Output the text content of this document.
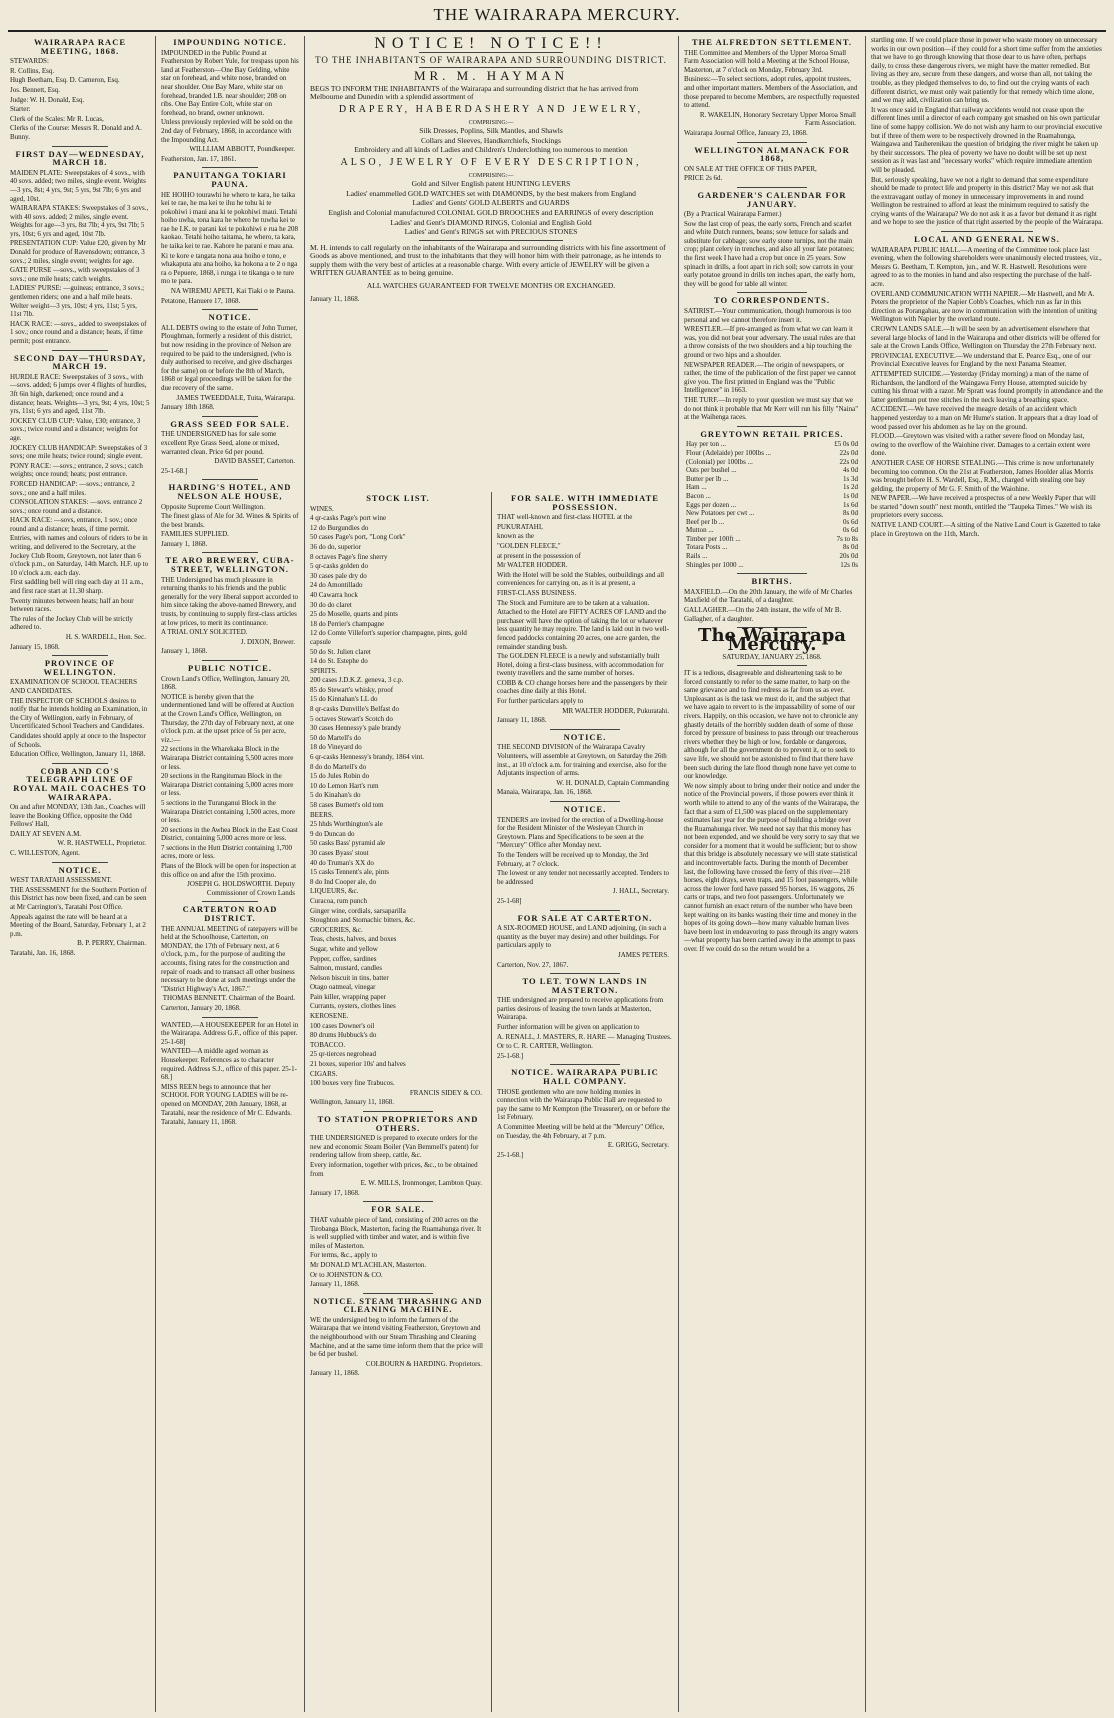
THE WAIRARAPA MERCURY.
WAIRARAPA RACE MEETING, 1868.
STEWARDS:
R. Collins, Esq.
Hugh Beetham, Esq. D. Cameron, Esq.
Jos. Bennett, Esq.
Judge: W. H. Donald, Esq.
Starter:
Clerk of the Scales: Mr R. Lucas,
Clerks of the Course: Messrs R. Donald and A. Bunny.
FIRST DAY—WEDNESDAY, MARCH 18.
MAIDEN PLATE: Sweepstakes of 4 sovs., with 40 sovs. added; two miles, single event. Weights—3 yrs, 8st; 4 yrs, 9st; 5 yrs, 9st 7lb; 6 yrs and aged, 10st.
WAIRARAPA STAKES: Sweepstakes of 3 sovs., with 40 sovs. added; 2 miles, single event. Weights for age—3 yrs, 8st 7lb; 4 yrs, 9st 7lb; 5 yrs, 10st; 6 yrs and aged, 10st 7lb.
PRESENTATION CUP: Value £20, given by Mr Donald for produce of Ravensdown; entrance, 3 sovs.; 2 miles, single event; weights for age.
GATE PURSE —sovs., with sweepstakes of 3 sovs.; one mile heats; catch weights.
LADIES' PURSE: —guineas; entrance, 3 sovs.; gentlemen riders; one and a half mile heats. Welter weight—3 yrs, 10st; 4 yrs, 11st; 5 yrs, 11st 7lb.
HACK RACE: —sovs., added to sweepstakes of 1 sov.; once round and a distance; heats, if time permit; post entrance.
SECOND DAY—THURSDAY, MARCH 19.
HURDLE RACE: Sweepstakes of 3 sovs., with —sovs. added; 6 jumps over 4 flights of hurdles, 3ft 6in high, darkened; once round and a distance; heats. Weights—3 yrs, 9st; 4 yrs, 10st; 5 yrs, 11st; 6 yrs and aged, 11st 7lb.
JOCKEY CLUB CUP: Value, £30; entrance, 3 sovs.; twice round and a distance; weights for age.
JOCKEY CLUB HANDICAP: Sweepstakes of 3 sovs; one mile heats; twice round; single event.
PONY RACE: —sovs.; entrance, 2 sovs.; catch weights; once round; heats; post entrance.
FORCED HANDICAP: —sovs.; entrance, 2 sovs.; one and a half miles.
CONSOLATION STAKES: —sovs. entrance 2 sovs.; once round and a distance.
HACK RACE: —sovs, entrance, 1 sov.; once round and a distance; heats, if time permit.
Entries, with names and colours of riders to be in writing, and delivered to the Secretary, at the Jockey Club Room, Greytown, not later than 6 o'clock p.m., on Saturday, 14th March. H.F. up to 10 o'clock a.m. each day.
First saddling bell will ring each day at 11 a.m., and first race start at 11.30 sharp.
Twenty minutes between heats; half an hour between races.
The rules of the Jockey Club will be strictly adhered to.
H. S. WARDELL, Hon. Sec.
January 15, 1868.
PROVINCE OF WELLINGTON.
EXAMINATION OF SCHOOL TEACHERS AND CANDIDATES.
THE INSPECTOR OF SCHOOLS desires to notify that he intends holding an Examination, in the City of Wellington, early in February, of Uncertificated School Teachers and Candidates.
Candidates should apply at once to the Inspector of Schools.
Education Office, Wellington, January 11, 1868.
COBB AND CO'S TELEGRAPH LINE OF ROYAL MAIL COACHES TO WAIRARAPA.
On and after MONDAY, 13th Jan., Coaches will leave the Booking Office, opposite the Odd Fellows' Hall,
DAILY AT SEVEN A.M.
W. R. HASTWELL, Proprietor.
C. WILLESTON, Agent.
NOTICE.
WEST TARATAHI ASSESSMENT.
THE ASSESSMENT for the Southern Portion of this District has now been fixed, and can be seen at Mr Carrington's, Taratahi Post Office.
Appeals against the rate will be heard at a Meeting of the Board, Saturday, February 1, at 2 p.m.
B. P. PERRY, Chairman.
Taratahi, Jan. 16, 1868.
IMPOUNDING NOTICE.
IMPOUNDED in the Public Pound at Featherston by Robert Yule, for trespass upon his land at Featherston—One Bay Gelding, white star on forehead, and white nose, branded on near shoulder. One Bay Mare, white star on forehead, branded I.B. near shoulder; 208 on ribs. One Bay Entire Colt, white star on forehead, no brand, owner unknown.
Unless previously replevied will be sold on the 2nd day of February, 1868, in accordance with the Impounding Act.
WILLLIAM ABBOTT, Poundkeeper.
Featherston, Jan. 17, 1861.
PANUITANGA TOKIARI PAUNA.
HE HOIHO tourawhi he whero te kara, he taika kei te rae, he ma kei te ihu he tohu ki te pokohiwi i maui ana ki te pokohiwi maui. Tetahi hoiho uwha, tona kara he whero he tuwha kei te rae he I.K. te parani kei te pokohiwi e rua he 208 kaokao. Tetahi hoiho taitama, he whero, ta kara, he taika kei te rae. Kahore he parani e mau ana.
Ki te kore e tangata nona aua hoiho e tono, e whakaputa atu ana hoiho, ka hokona a te 2 o nga ra o Pepuere, 1868, i runga i te tikanga o te ture mo te para.
NA WIREMU APETI, Kai Tiaki o te Pauna.
Petatone, Hanuere 17, 1868.
NOTICE.
ALL DEBTS owing to the estate of John Turner, Ploughman, formerly a resident of this district, but now residing in the province of Nelson are required to be paid to the undersigned, (who is duly authorised to receive, and give discharges for the same) on or before the 8th of March, 1868 or legal proceedings will be taken for the due recovery of the same.
JAMES TWEEDDALE, Tuita, Wairarapa.
January 18th 1868.
GRASS SEED FOR SALE.
THE UNDERSIGNED has for sale some excellent Rye Grass Seed, alone or mixed, warranted clean. Price 6d per pound.
DAVID BASSET, Carterton.
25-1-68.]
HARDING'S HOTEL, AND NELSON ALE HOUSE,
Opposite Supreme Court Wellington.
The finest glass of Ale for 3d. Wines & Spirits of the best brands.
FAMILIES SUPPLIED.
January 1, 1868.
TE ARO BREWERY, CUBA-STREET, WELLINGTON.
THE Undersigned has much pleasure in returning thanks to his friends and the public generally for the very liberal support accorded to him since taking the above-named Brewery, and trusts, by continuing to supply first-class articles at low prices, to merit its continuance.
A TRIAL ONLY SOLICITED.
J. DIXON, Brewer.
January 1, 1868.
PUBLIC NOTICE.
Crown Land's Office, Wellington, January 20, 1868.
NOTICE is hereby given that the undermentioned land will be offered at Auction at the Crown Land's Office, Wellington, on Thursday, the 27th day of February next, at one o'clock p.m. at the upset price of 5s per acre, viz.:—
22 sections in the Wharekaka Block in the Wairarapa District containing 5,500 acres more or less.
20 sections in the Rangitumau Block in the Wairarapa District containing 5,000 acres more or less.
5 sections in the Turanganui Block in the Wairarapa District containing 1,500 acres, more or less.
20 sections in the Awhea Block in the East Coast District, containing 5,000 acres more or less.
7 sections in the Hutt District containing 1,700 acres, more or less.
Plans of the Block will be open for inspection at this office on and after the 15th proximo.
JOSEPH G. HOLDSWORTH. Deputy Commissioner of Crown Lands
CARTERTON ROAD DISTRICT.
THE ANNUAL MEETING of ratepayers will be held at the Schoolhouse, Carterton, on MONDAY, the 17th of February next, at 6 o'clock, p.m., for the purpose of auditing the accounts, fixing rates for the construction and repair of roads and to transact all other business necessary to be done at such meetings under the "District Highway's Act, 1867."
THOMAS BENNETT. Chairman of the Board.
Carterton, January 20, 1868.
WANTED,—A HOUSEKEEPER for an Hotel in the Wairarapa. Address G.F., office of this paper. 25-1-68]
WANTED—A middle aged woman as Housekeeper. References as to character required. Address S.J., office of this paper. 25-1-68.]
MISS REEN begs to announce that her SCHOOL FOR YOUNG LADIES will be re-opened on MONDAY, 20th January, 1868, at Taratahi, near the residence of Mr C. Edwards.
Taratahi, January 11, 1868.
NOTICE! NOTICE!!
TO THE INHABITANTS OF WAIRARAPA AND SURROUNDING DISTRICT.
MR. M. HAYMAN
BEGS TO INFORM THE INHABITANTS of the Wairarapa and surrounding district that he has arrived from Melbourne and Dunedin with a splendid assortment of
DRAPERY, HABERDASHERY AND JEWELRY,
COMPRISING:—
Silk Dresses, Poplins, Silk Mantles, and Shawls
Collars and Sleeves, Handkerchiefs, Stockings
Embroidery and all kinds of Ladies and Children's Underclothing too numerous to mention
ALSO, JEWELRY OF EVERY DESCRIPTION,
COMPRISING:—
Gold and Silver English patent HUNTING LEVERS
Ladies' enammelled GOLD WATCHES set with DIAMONDS, by the best makers from England
Ladies' and Gents' GOLD ALBERTS and GUARDS
English and Colonial manufactured COLONIAL GOLD BROOCHES and EARRINGS of every description
Ladies' and Gent's DIAMOND RINGS, Colonial and English Gold
Ladies' and Gent's RINGS set with PRECIOUS STONES
M. H. intends to call regularly on the inhabitants of the Wairarapa and surrounding districts with his fine assortment of Goods as above mentioned, and trust to the inhabitants that they will honor him with their patronage, as he intends to supply them with the very best of articles at a reasonable charge. With every article of JEWELRY will be given a WRITTEN GUARANTEE as to being genuine.
ALL WATCHES GUARANTEED FOR TWELVE MONTHS OR EXCHANGED.
January 11, 1868.
STOCK LIST.
WINES.
4 qr-casks Page's port wine
12 do Burgundies do
50 cases Page's port, "Long Cork"
36 do do, superior
8 octaves Page's fine sherry
5 qr-casks golden do
30 cases pale dry do
24 do Amontillado
40 Cawarra hock
30 do do claret
25 do Moselle, quarts and pints
18 do Perrier's champagne
12 do Comte Villefort's superior champagne, pints, gold capsule
50 do St. Julien claret
14 do St. Estephe do
SPIRITS.
200 cases J.D.K.Z. geneva, 3 c.p.
85 do Stewart's whisky, proof
15 do Kinnahan's LL do
8 qr-casks Dunville's Belfast do
5 octaves Stewart's Scotch do
30 cases Hennessy's pale brandy
50 do Martell's do
18 do Vineyard do
6 qr-casks Hennessy's brandy, 1864 vint.
8 do do Martell's do
15 do Jules Robin do
10 do Lemon Hart's rum
5 do Kinahan's do
58 cases Burnett's old tom
BEERS.
25 hhds Worthington's ale
9 do Duncan do
50 casks Bass' pyramid ale
30 cases Byass' stout
40 do Truman's XX do
15 casks Tennent's ale, pints
8 do Ind Cooper ale, do
LIQUEURS, &c.
Curacoa, rum punch
Ginger wine, cordials, sarsaparilla
Stoughton and Stomachic bitters, &c.
GROCERIES, &c.
Teas, chests, halves, and boxes
Sugar, white and yellow
Pepper, coffee, sardines
Salmon, mustard, candles
Nelson biscuit in tins, batter
Otago oatmeal, vinegar
Pain killer, wrapping paper
Currants, oysters, clothes lines
KEROSENE.
100 cases Downer's oil
80 drums Hubbuck's do
TOBACCO.
25 qr-tierces negrohead
21 boxes, superior 10s' and halves
CIGARS.
100 boxes very fine Trabucos.
FRANCIS SIDEY & CO.
Wellington, January 11, 1868.
TO STATION PROPRIETORS AND OTHERS.
THE UNDERSIGNED is prepared to execute orders for the new and economic Steam Boiler (Van Bemmell's patent) for rendering tallow from sheep, cattle, &c.
Every information, together with prices, &c., to be obtained from
E. W. MILLS, Ironmonger, Lambton Quay.
January 17, 1868.
FOR SALE.
THAT valuable piece of land, consisting of 200 acres on the Tirobanga Block, Masterton, facing the Ruamahunga river. It is well supplied with timber and water, and is within five miles of Masterton.
For terms, &c., apply to
Mr DONALD M'LACHLAN, Masterton.
Or to JOHNSTON & CO.
January 11, 1868.
NOTICE. STEAM THRASHING AND CLEANING MACHINE.
WE the undersigned beg to inform the farmers of the Wairarapa that we intend visiting Featherston, Greytown and the neighbourhood with our Steam Thrashing and Cleaning Machine, and at the same time inform them that the price will be 6d per bushel.
COLBOURN & HARDING. Proprietors.
January 11, 1868.
FOR SALE. WITH IMMEDIATE POSSESSION.
THAT well-known and first-class HOTEL at the
PUKURATAHI,
known as the
"GOLDEN FLEECE,"
at present in the possession of
Mr WALTER HODDER.
With the Hotel will be sold the Stables, outbuildings and all conveniences for carrying on, as it is at present, a
FIRST-CLASS BUSINESS.
The Stock and Furniture are to be taken at a valuation.
Attached to the Hotel are FIFTY ACRES OF LAND and the purchaser will have the option of taking the lot or whatever less quantity he may require. The land is laid out in two well-fenced paddocks containing 20 acres, one acre garden, the remainder standing bush.
The GOLDEN FLEECE is a newly and substantially built Hotel, doing a first-class business, with accommodation for twenty travellers and the same number of horses.
COBB & CO change horses here and the passengers by their coaches dine daily at this Hotel.
For further particulars apply to
MR WALTER HODDER, Pukuratahi.
January 11, 1868.
NOTICE.
THE SECOND DIVISION of the Wairarapa Cavalry Volunteers, will assemble at Greytown, on Saturday the 26th inst., at 10 o'clock a.m. for training and exercise, also for the Adjutants inspection of arms.
W. H. DONALD, Captain Commanding
Manaia, Wairarapa, Jan. 16, 1868.
NOTICE.
TENDERS are invited for the erection of a Dwelling-house for the Resident Minister of the Wesleyan Church in Greytown. Plans and Specifications to be seen at the "Mercury" Office after Monday next.
To the Tenders will be received up to Monday, the 3rd February, at 7 o'clock.
The lowest or any tender not necessarily accepted. Tenders to be addressed
J. HALL, Secretary.
25-1-68]
FOR SALE AT CARTERTON.
A SIX-ROOMED HOUSE, and LAND adjoining, (in such a quantity as the buyer may desire) and other buildings. For particulars apply to
JAMES PETERS.
Carterton, Nov. 27, 1867.
TO LET. TOWN LANDS IN MASTERTON.
THE undersigned are prepared to receive applications from parties desirous of leasing the town lands at Masterton, Wairarapa.
Further information will be given on application to
A. RENALL, J. MASTERS, R. HARE — Managing Trustees.
Or to C. R. CARTER, Wellington.
25-1-68.]
NOTICE. WAIRARAPA PUBLIC HALL COMPANY.
THOSE gentlemen who are now holding monies in connection with the Wairarapa Public Hall are requested to pay the same to Mr Kempton (the Treasurer), on or before the 1st February.
A Committee Meeting will be held at the "Mercury" Office, on Tuesday, the 4th February, at 7 p.m.
E. GRIGG, Secretary.
25-1-68.]
THE ALFREDTON SETTLEMENT.
THE Committee and Members of the Upper Moroa Small Farm Association will hold a Meeting at the School House, Masterton, at 7 o'clock on Monday, February 3rd.
Business:—To select sections, adopt rules, appoint trustees, and other important matters. Members of the Association, and those prepared to become Members, are respectfully requested to attend.
R. WAKELIN, Honorary Secretary Upper Moroa Small Farm Association.
Wairarapa Journal Office, January 23, 1868.
WELLINGTON ALMANACK FOR 1868,
ON SALE AT THE OFFICE OF THIS PAPER,
PRICE 2s 6d.
GARDENER'S CALENDAR FOR JANUARY.
(By a Practical Wairarapa Farmer.)
Sow the last crop of peas, the early sorts, French and scarlet and white Dutch runners, beans; sow lettuce for salads and substitute for cabbage; sow early stone turnips, not the main crop; plant celery in trenches, and also all your late potatoes; the first week I have had a crop but once in 25 years. Sow spinach in drills, a foot apart in rich soil; sow carrots in your early potatoe ground in drills ten inches apart, the early horn, they will be good for table all winter.
TO CORRESPONDENTS.
SATIRIST.—Your communication, though humorous is too personal and we cannot therefore insert it.
WRESTLER.—If pre-arranged as from what we can learn it was, you did not beat your adversary. The usual rules are that a throw consists of the two shoulders and a hip touching the ground or two hips and a shoulder.
NEWSPAPER READER.—The origin of newspapers, or rather, the time of the publication of the first paper we cannot give you. The first printed in England was the "Public Intelligencer" in 1663.
THE TURF.—In reply to your question we must say that we do not think it probable that Mr Kerr will run his filly "Naina" at the Waihenga races.
GREYTOWN RETAIL PRICES.
Hay per ton ...	£5 0s 0d
Flour (Adelaide) per 100lbs ...	22s 0d
(Colonial) per 100lbs ...	22s 0d
Oats per bushel ...	4s 0d
Butter per lb ...	1s 3d
Ham ...	1s 2d
Bacon ...	1s 0d
Eggs per dozen ...	1s 6d
New Potatoes per cwt ...	8s 0d
Beef per lb ...	0s 6d
Mutton ...	0s 6d
Timber per 100ft ...	7s to 8s
Totara Posts ...	8s 0d
Rails ...	20s 0d
Shingles per 1000 ...	12s 0s
BIRTHS.
MAXFIELD.—On the 20th January, the wife of Mr Charles Maxfield of the Taratahi, of a daughter.
GALLAGHER.—On the 24th instant, the wife of Mr B. Gallagher, of a daughter.
The Wairarapa Mercury.
SATURDAY, JANUARY 25, 1868.
IT is a tedious, disagreeable and disheartening task to be forced constantly to refer to the same matter, to harp on the same grievance and to find redress as far from us as ever. Unpleasant as is the task we must do it, and the subject that we have again to revert to is the impassability of some of our rivers. Happily, on this occasion, we have not to chronicle any ghastly details of the horribly sudden death of some of those forced by pressure of business to pass through our treacherous rivers whether they be high or low, fordable or dangerous, although for all the government do to prevent it, or to seek to save life, we should not be astonished to find that there have been such during the late flood though none have yet come to our knowledge.
We now simply about to bring under their notice and under the notice of the Provincial powers, if those powers ever think it worth while to attend to any of the wants of the Wairarapa, the fact that a sum of £1,500 was placed on the supplementary estimates last year for the purpose of building a bridge over the Ruamahunga river. We need not say that this money has not been expended, and we should be very sorry to say that we consider for a moment that it would be sufficient; but to show that this bridge is absolutely necessary we will state statistical and incontrovertable facts. During the month of December last, the following have crossed the ferry of this river—218 horses, eight drays, seven traps, and 15 foot passengers, while across the lower ford have passed 95 horses, 16 waggons, 26 carts or traps, and two foot passengers. Unfortunately we cannot furnish an exact return of the number who have been kept waiting on its banks wasting their time and money in the hopes of its going down—how many valuable human lives have been lost in endeavoring to pass through its angry waters—what property has been carried away in the attempt to pass over. If we could do so the return would be a
startling one. If we could place those in power who waste money on unnecessary works in our own position—if they could for a short time suffer from the anxieties that we have to go through knowing that those dear to us have often, perhaps daily, to cross these dangerous rivers, we might have the matter remedied. But living as they are, secure from these dangers, and worse than all, not taking the trouble, as they pledged themselves to do, to find out the crying wants of each different district, we must only wait patiently for that remedy which time alone, and we may add, civilization can bring us.
It was once said in England that railway accidents would not cease upon the different lines until a director of each company got smashed on his own particular line of some happy collision. We do not wish any harm to our provincial executive but if three of them were to be respectively drowned in the Ruamahunga, Waingawa and Tauherenikau the question of bridging the river might be taken up by their successors. The plea of poverty we have no doubt will be set up next session as it was last and "necessary works" which require immediate attention will be pleaded.
But, seriously speaking, have we not a right to demand that some expenditure should be made to protect life and property in this district? May we not ask that the extravagant outlay of money in unnecessary improvements in and round Wellington be restrained to afford at least the minimum required to satisfy the crying wants of the Wairarapa? We do not ask it as a favor but demand it as right and we hope to see the justice of that right asserted by the people of the Wairarapa.
LOCAL AND GENERAL NEWS.
WAIRARAPA PUBLIC HALL.—A meeting of the Committee took place last evening, when the following shareholders were unanimously elected trustees, viz., Messrs G. Beetham, T. Kempton, jun., and W. R. Hastwell. Resolutions were agreed to as to the monies in hand and also respecting the purchase of the half-acre.
OVERLAND COMMUNICATION WITH NAPIER.—Mr Hastwell, and Mr A. Peters the proprietor of the Napier Cobb's Coaches, which run as far in this direction as Porangahau, are now in communication with the intention of uniting Wellington with Napier by the overland route.
CROWN LANDS SALE.—It will be seen by an advertisement elsewhere that several large blocks of land in the Wairarapa and other districts will be offered for sale at the Crown Lands Office, Wellington on Thursday the 27th February next.
PROVINCIAL EXECUTIVE.—We understand that E. Pearce Esq., one of our Provincial Executive leaves for England by the next Panama Steamer.
ATTEMPTED SUICIDE.—Yesterday (Friday morning) a man of the name of Richardson, the landlord of the Waingawa Ferry House, attempted suicide by cutting his throat with a razor. Mr Spratt was found promptly in attendance and the latter gentleman put tree stitches in the neck leaving a breathing space.
ACCIDENT.—We have received the meagre details of an accident which happened yesterday to a man on Mr Hume's station. It appears that a dray load of wood passed over his abdomen as he lay on the ground.
FLOOD.—Greytown was visited with a rather severe flood on Monday last, owing to the overflow of the Waiohine river. Damages to a certain extent were done.
ANOTHER CASE OF HORSE STEALING.—This crime is now unfortunately becoming too common. On the 21st at Featherston, James Hoolder alias Morris was brought before H. S. Wardell, Esq., R.M., charged with stealing one bay gelding, the property of Mr G. F. Smith of the Waiohine.
NEW PAPER.—We have received a prospectus of a new Weekly Paper that will be started "down south" next month, entitled the "Taupeka Times." We wish its proprietors every success.
NATIVE LAND COURT.—A sitting of the Native Land Court is Gazetted to take place in Greytown on the 11th, March.
